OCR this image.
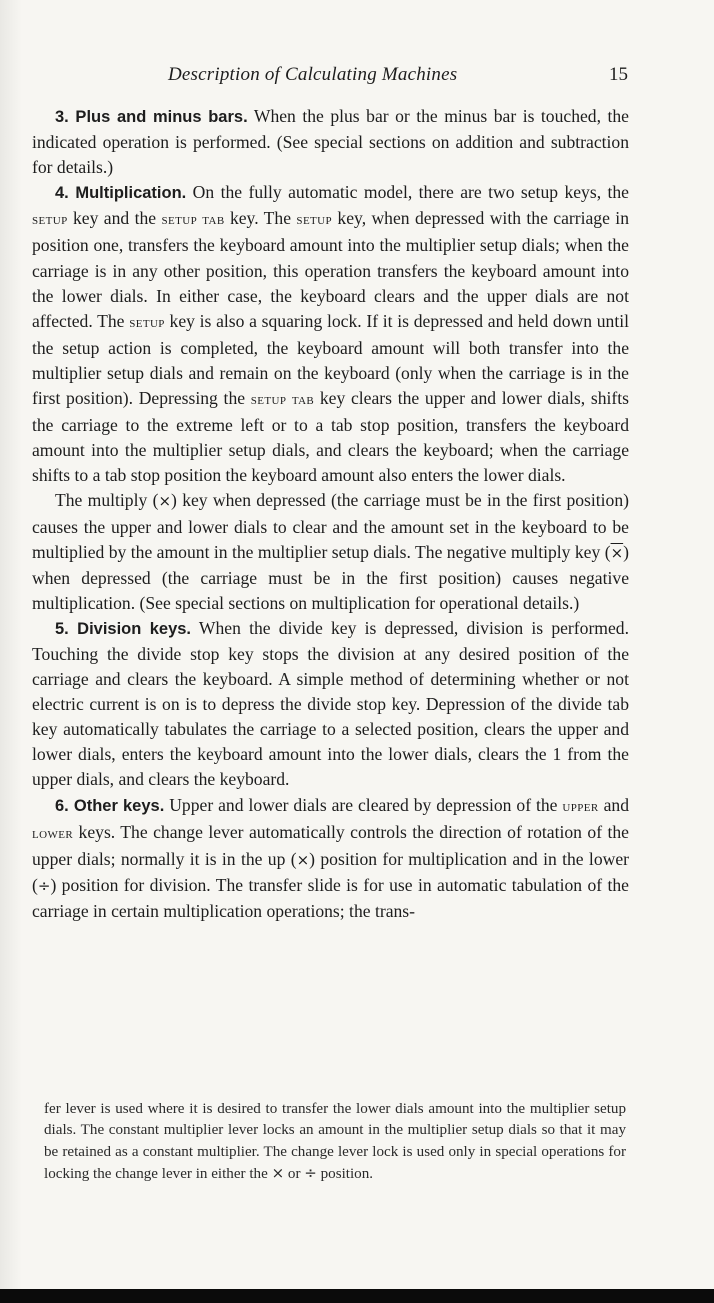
Description of Calculating Machines	15

3. Plus and minus bars. When the plus bar or the minus bar is touched, the indicated operation is performed. (See special sections on addition and subtraction for details.)

4. Multiplication. On the fully automatic model, there are two setup keys, the setup key and the setup tab key. The setup key, when depressed with the carriage in position one, transfers the keyboard amount into the multiplier setup dials; when the carriage is in any other position, this operation transfers the keyboard amount into the lower dials. In either case, the keyboard clears and the upper dials are not affected. The setup key is also a squaring lock. If it is depressed and held down until the setup action is completed, the keyboard amount will both transfer into the multiplier setup dials and remain on the keyboard (only when the carriage is in the first position). Depressing the setup tab key clears the upper and lower dials, shifts the carriage to the extreme left or to a tab stop position, transfers the keyboard amount into the multiplier setup dials, and clears the keyboard; when the carriage shifts to a tab stop position the keyboard amount also enters the lower dials.

The multiply (×) key when depressed (the carriage must be in the first position) causes the upper and lower dials to clear and the amount set in the keyboard to be multiplied by the amount in the multiplier setup dials. The negative multiply key (×) when depressed (the carriage must be in the first position) causes negative multiplication. (See special sections on multiplication for operational details.)

5. Division keys. When the divide key is depressed, division is performed. Touching the divide stop key stops the division at any desired position of the carriage and clears the keyboard. A simple method of determining whether or not electric current is on is to depress the divide stop key. Depression of the divide tab key automatically tabulates the carriage to a selected position, clears the upper and lower dials, enters the keyboard amount into the lower dials, clears the 1 from the upper dials, and clears the keyboard.

6. Other keys. Upper and lower dials are cleared by depression of the upper and lower keys. The change lever automatically controls the direction of rotation of the upper dials; normally it is in the up (×) position for multiplication and in the lower (÷) position for division. The transfer slide is for use in automatic tabulation of the carriage in certain multiplication operations; the trans-

fer lever is used where it is desired to transfer the lower dials amount into the multiplier setup dials. The constant multiplier lever locks an amount in the multiplier setup dials so that it may be retained as a constant multiplier. The change lever lock is used only in special operations for locking the change lever in either the × or ÷ position.
